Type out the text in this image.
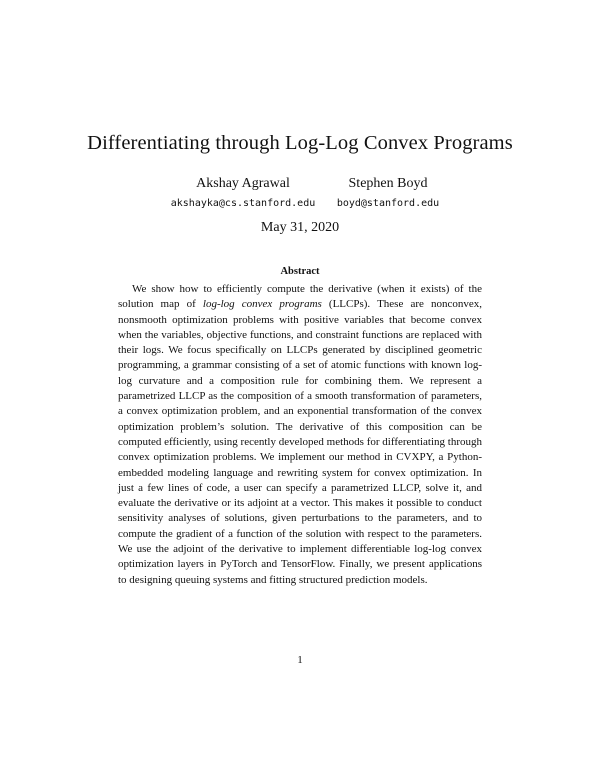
Differentiating through Log-Log Convex Programs
Akshay Agrawal
akshayka@cs.stanford.edu
Stephen Boyd
boyd@stanford.edu
May 31, 2020
Abstract

We show how to efficiently compute the derivative (when it exists) of the solution map of log-log convex programs (LLCPs). These are nonconvex, nonsmooth optimization problems with positive variables that become convex when the variables, objective functions, and constraint functions are replaced with their logs. We focus specifically on LLCPs generated by disciplined geometric programming, a grammar consisting of a set of atomic functions with known log-log curvature and a composition rule for combining them. We represent a parametrized LLCP as the composition of a smooth transformation of parameters, a convex optimization problem, and an exponential transformation of the convex optimization problem’s solution. The derivative of this composition can be computed efficiently, using recently developed methods for differentiating through convex optimization problems. We implement our method in CVXPY, a Python-embedded modeling language and rewriting system for convex optimization. In just a few lines of code, a user can specify a parametrized LLCP, solve it, and evaluate the derivative or its adjoint at a vector. This makes it possible to conduct sensitivity analyses of solutions, given perturbations to the parameters, and to compute the gradient of a function of the solution with respect to the parameters. We use the adjoint of the derivative to implement differentiable log-log convex optimization layers in PyTorch and TensorFlow. Finally, we present applications to designing queuing systems and fitting structured prediction models.

1
